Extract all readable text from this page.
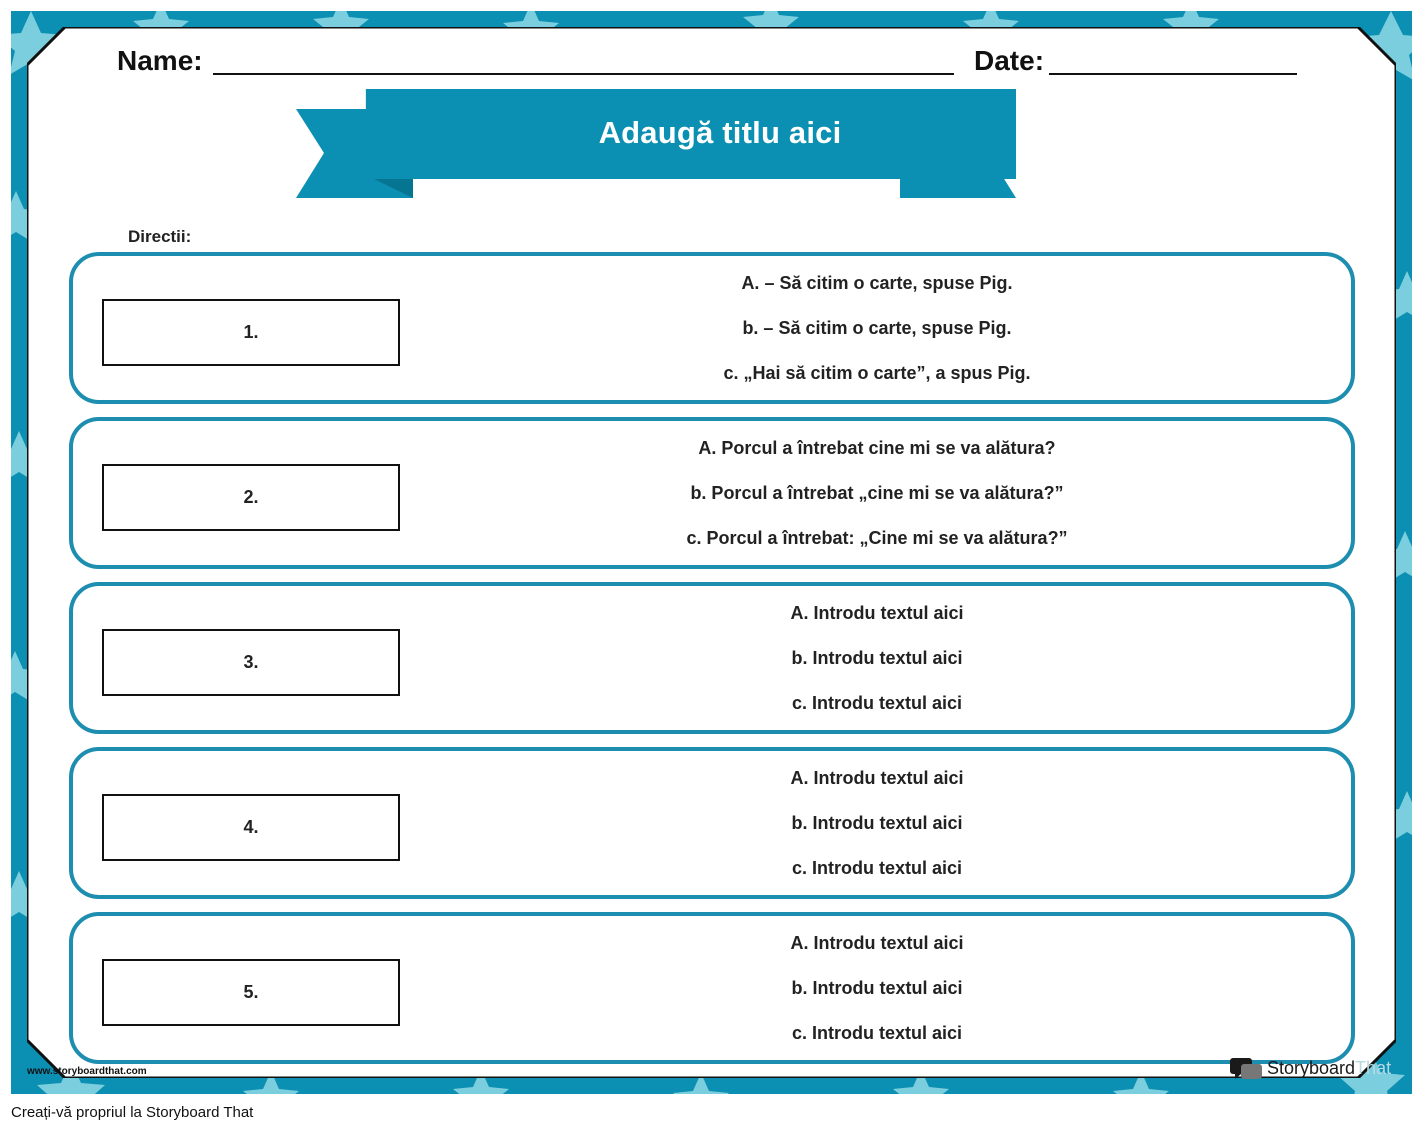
Name:	Date:
Adaugă titlu aici
Directii:
1.
A. – Să citim o carte, spuse Pig.
b. – Să citim o carte, spuse Pig.
c. „Hai să citim o carte”, a spus Pig.
2.
A. Porcul a întrebat cine mi se va alătura?
b. Porcul a întrebat „cine mi se va alătura?”
c. Porcul a întrebat: „Cine mi se va alătura?”
3.
A. Introdu textul aici
b. Introdu textul aici
c. Introdu textul aici
4.
A. Introdu textul aici
b. Introdu textul aici
c. Introdu textul aici
5.
A. Introdu textul aici
b. Introdu textul aici
c. Introdu textul aici
www.storyboardthat.com	StoryboardThat
Creați-vă propriul la Storyboard That
